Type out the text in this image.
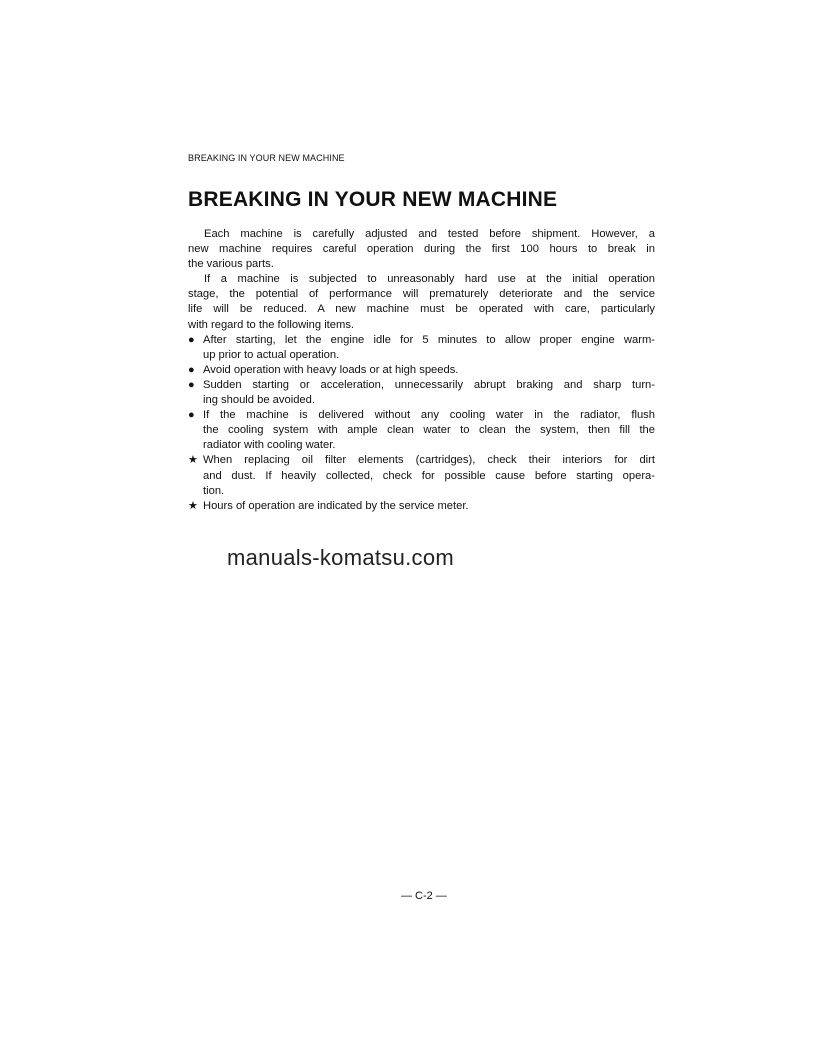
BREAKING IN YOUR NEW MACHINE
BREAKING IN YOUR NEW MACHINE
Each machine is carefully adjusted and tested before shipment. However, a
new machine requires careful operation during the first 100 hours to break in
the various parts.
If a machine is subjected to unreasonably hard use at the initial operation
stage, the potential of performance will prematurely deteriorate and the service
life will be reduced. A new machine must be operated with care, particularly
with regard to the following items.
● After starting, let the engine idle for 5 minutes to allow proper engine warm-
up prior to actual operation.
● Avoid operation with heavy loads or at high speeds.
● Sudden starting or acceleration, unnecessarily abrupt braking and sharp turn-
ing should be avoided.
● If the machine is delivered without any cooling water in the radiator, flush
the cooling system with ample clean water to clean the system, then fill the
radiator with cooling water.
★ When replacing oil filter elements (cartridges), check their interiors for dirt
and dust. If heavily collected, check for possible cause before starting opera-
tion.
★ Hours of operation are indicated by the service meter.
manuals-komatsu.com
— C-2 —
